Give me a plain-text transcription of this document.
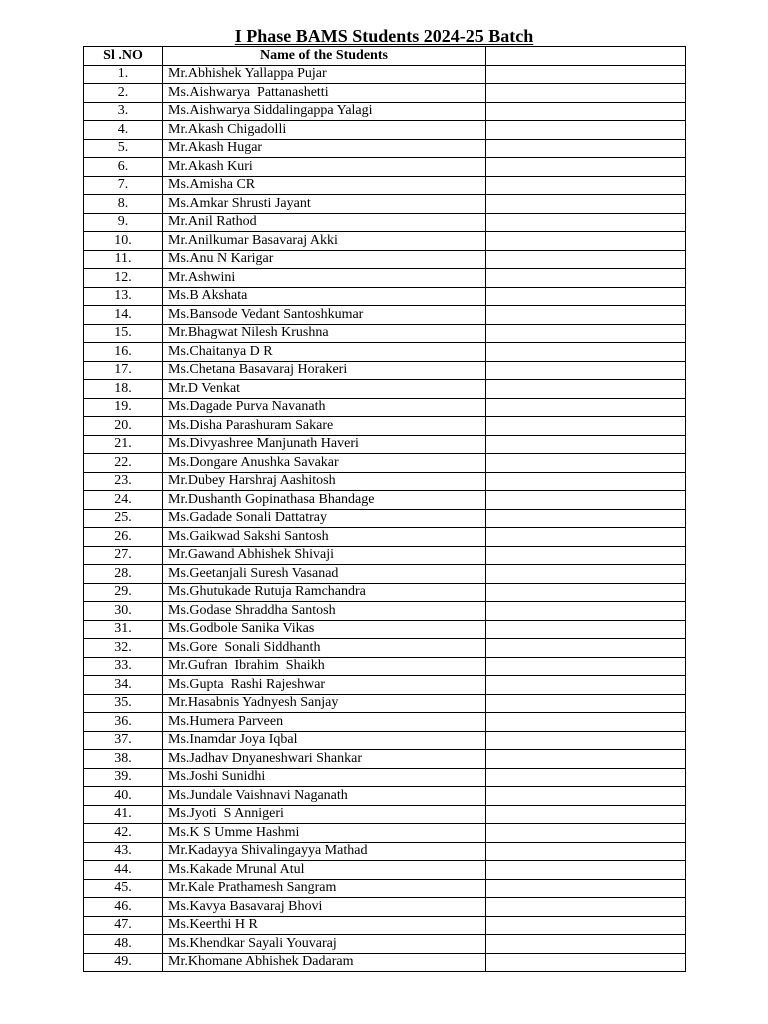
I Phase BAMS Students 2024-25 Batch
Sl .NO	Name of the Students	
1.	Mr.Abhishek Yallappa Pujar	
2.	Ms.Aishwarya  Pattanashetti	
3.	Ms.Aishwarya Siddalingappa Yalagi	
4.	Mr.Akash Chigadolli	
5.	Mr.Akash Hugar	
6.	Mr.Akash Kuri	
7.	Ms.Amisha CR	
8.	Ms.Amkar Shrusti Jayant	
9.	Mr.Anil Rathod	
10.	Mr.Anilkumar Basavaraj Akki	
11.	Ms.Anu N Karigar	
12.	Mr.Ashwini	
13.	Ms.B Akshata	
14.	Ms.Bansode Vedant Santoshkumar	
15.	Mr.Bhagwat Nilesh Krushna	
16.	Ms.Chaitanya D R	
17.	Ms.Chetana Basavaraj Horakeri	
18.	Mr.D Venkat	
19.	Ms.Dagade Purva Navanath	
20.	Ms.Disha Parashuram Sakare	
21.	Ms.Divyashree Manjunath Haveri	
22.	Ms.Dongare Anushka Savakar	
23.	Mr.Dubey Harshraj Aashitosh	
24.	Mr.Dushanth Gopinathasa Bhandage	
25.	Ms.Gadade Sonali Dattatray	
26.	Ms.Gaikwad Sakshi Santosh	
27.	Mr.Gawand Abhishek Shivaji	
28.	Ms.Geetanjali Suresh Vasanad	
29.	Ms.Ghutukade Rutuja Ramchandra	
30.	Ms.Godase Shraddha Santosh	
31.	Ms.Godbole Sanika Vikas	
32.	Ms.Gore  Sonali Siddhanth	
33.	Mr.Gufran  Ibrahim  Shaikh	
34.	Ms.Gupta  Rashi Rajeshwar	
35.	Mr.Hasabnis Yadnyesh Sanjay	
36.	Ms.Humera Parveen	
37.	Ms.Inamdar Joya Iqbal	
38.	Ms.Jadhav Dnyaneshwari Shankar	
39.	Ms.Joshi Sunidhi	
40.	Ms.Jundale Vaishnavi Naganath	
41.	Ms.Jyoti  S Annigeri	
42.	Ms.K S Umme Hashmi	
43.	Mr.Kadayya Shivalingayya Mathad	
44.	Ms.Kakade Mrunal Atul	
45.	Mr.Kale Prathamesh Sangram	
46.	Ms.Kavya Basavaraj Bhovi	
47.	Ms.Keerthi H R	
48.	Ms.Khendkar Sayali Youvaraj	
49.	Mr.Khomane Abhishek Dadaram	
